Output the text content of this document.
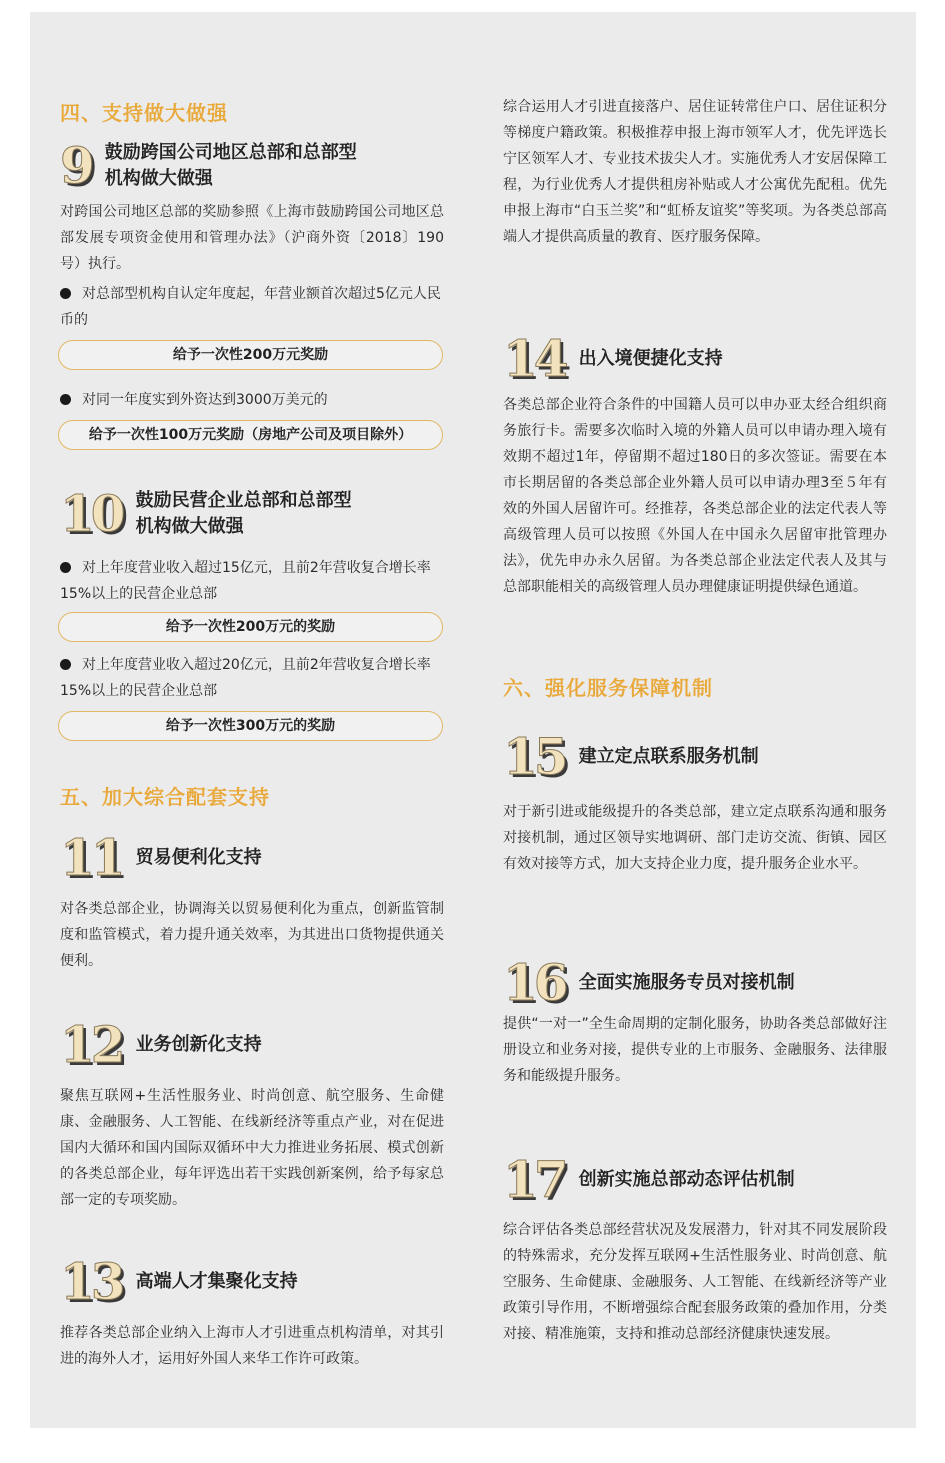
四、支持做大做强
9 鼓励跨国公司地区总部和总部型
机构做大做强

对跨国公司地区总部的奖励参照《上海市鼓励跨国公司地区总部发展专项资金使用和管理办法》（沪商外资〔2018〕190号）执行。

对总部型机构自认定年度起，年营业额首次超过5亿元人民币的

给予一次性200万元奖励

对同一年度实到外资达到3000万美元的

给予一次性100万元奖励（房地产公司及项目除外）
10 鼓励民营企业总部和总部型
机构做大做强

对上年度营业收入超过15亿元，且前2年营收复合增长率15%以上的民营企业总部

给予一次性200万元的奖励

对上年度营业收入超过20亿元，且前2年营收复合增长率15%以上的民营企业总部

给予一次性300万元的奖励
五、加大综合配套支持
11 贸易便利化支持

对各类总部企业，协调海关以贸易便利化为重点，创新监管制度和监管模式，着力提升通关效率，为其进出口货物提供通关便利。

12 业务创新化支持

聚焦互联网+生活性服务业、时尚创意、航空服务、生命健康、金融服务、人工智能、在线新经济等重点产业，对在促进国内大循环和国内国际双循环中大力推进业务拓展、模式创新的各类总部企业，每年评选出若干实践创新案例，给予每家总部一定的专项奖励。

13 高端人才集聚化支持

推荐各类总部企业纳入上海市人才引进重点机构清单，对其引进的海外人才，运用好外国人来华工作许可政策。

综合运用人才引进直接落户、居住证转常住户口、居住证积分等梯度户籍政策。积极推荐申报上海市领军人才，优先评选长宁区领军人才、专业技术拔尖人才。实施优秀人才安居保障工程，为行业优秀人才提供租房补贴或人才公寓优先配租。优先申报上海市“白玉兰奖”和“虹桥友谊奖”等奖项。为各类总部高端人才提供高质量的教育、医疗服务保障。

14 出入境便捷化支持

各类总部企业符合条件的中国籍人员可以申办亚太经合组织商务旅行卡。需要多次临时入境的外籍人员可以申请办理入境有效期不超过1年，停留期不超过180日的多次签证。需要在本市长期居留的各类总部企业外籍人员可以申请办理3至５年有效的外国人居留许可。经推荐，各类总部企业的法定代表人等高级管理人员可以按照《外国人在中国永久居留审批管理办法》，优先申办永久居留。为各类总部企业法定代表人及其与总部职能相关的高级管理人员办理健康证明提供绿色通道。

六、强化服务保障机制
15 建立定点联系服务机制

对于新引进或能级提升的各类总部，建立定点联系沟通和服务对接机制，通过区领导实地调研、部门走访交流、街镇、园区有效对接等方式，加大支持企业力度，提升服务企业水平。

16 全面实施服务专员对接机制

提供“一对一”全生命周期的定制化服务，协助各类总部做好注册设立和业务对接，提供专业的上市服务、金融服务、法律服务和能级提升服务。

17 创新实施总部动态评估机制

综合评估各类总部经营状况及发展潜力，针对其不同发展阶段的特殊需求，充分发挥互联网+生活性服务业、时尚创意、航空服务、生命健康、金融服务、人工智能、在线新经济等产业政策引导作用，不断增强综合配套服务政策的叠加作用，分类对接、精准施策，支持和推动总部经济健康快速发展。
